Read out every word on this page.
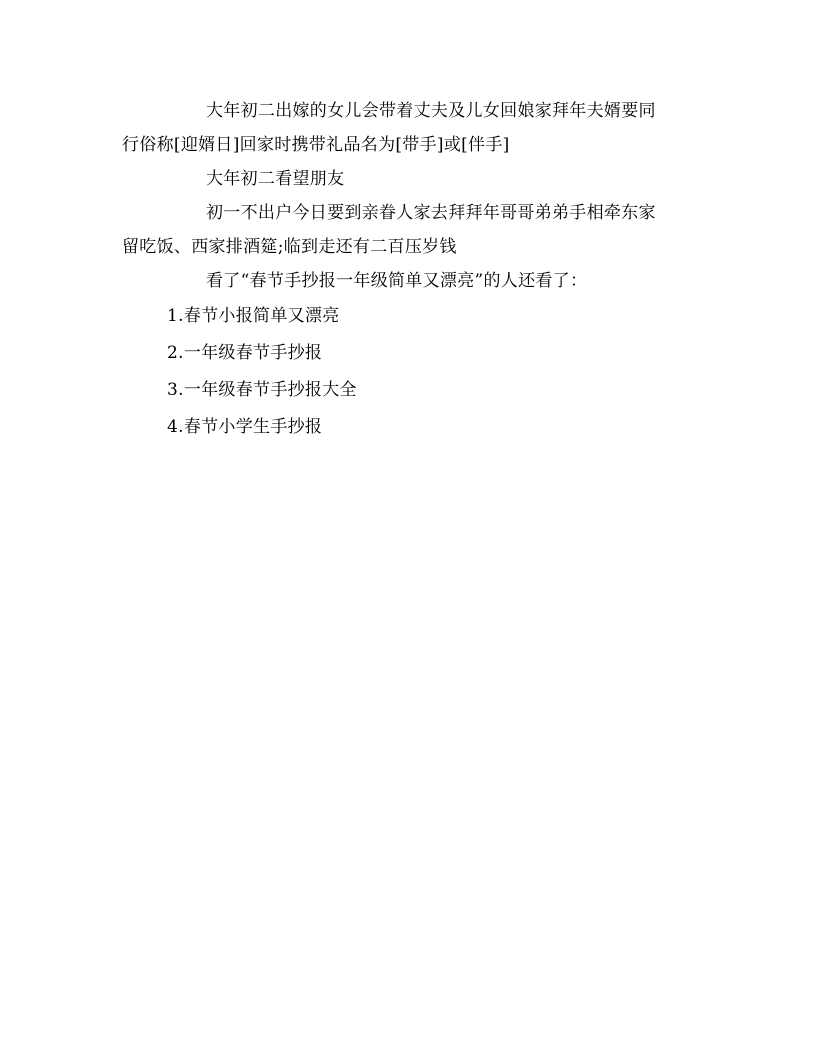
大年初二出嫁的女儿会带着丈夫及儿女回娘家拜年夫婿要同
行俗称[迎婿日]回家时携带礼品名为[带手]或[伴手]

大年初二看望朋友

初一不出户今日要到亲眷人家去拜拜年哥哥弟弟手相牵东家
留吃饭、西家排酒筵;临到走还有二百压岁钱

看了“春节手抄报一年级简单又漂亮”的人还看了：

1.春节小报简单又漂亮
2.一年级春节手抄报
3.一年级春节手抄报大全
4.春节小学生手抄报
